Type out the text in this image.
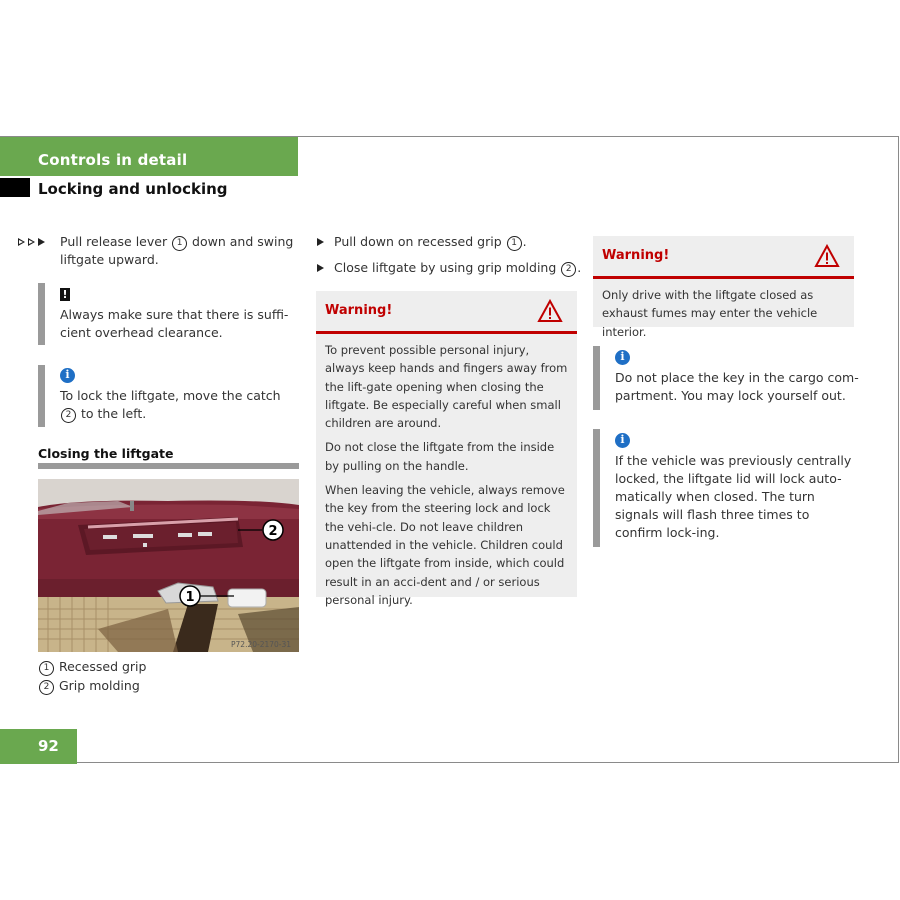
Controls in detail
Locking and unlocking
Pull release lever 1 down and swing liftgate upward.
!
Always make sure that there is suffi-cient overhead clearance.
i
To lock the liftgate, move the catch 2 to the left.
Closing the liftgate
2
1
P72.20-2170-31
1 Recessed grip
2 Grip molding
Pull down on recessed grip 1 .
Close liftgate by using grip molding 2 .
Warning!

To prevent possible personal injury, always keep hands and fingers away from the lift-gate opening when closing the liftgate. Be especially careful when small children are around.

Do not close the liftgate from the inside by pulling on the handle.

When leaving the vehicle, always remove the key from the steering lock and lock the vehi-cle. Do not leave children unattended in the vehicle. Children could open the liftgate from inside, which could result in an acci-dent and / or serious personal injury.

Warning!
Only drive with the liftgate closed as exhaust fumes may enter the vehicle interior.
i
Do not place the key in the cargo com-partment. You may lock yourself out.
i
If the vehicle was previously centrally locked, the liftgate lid will lock auto-matically when closed. The turn signals will flash three times to confirm lock-ing.
92
